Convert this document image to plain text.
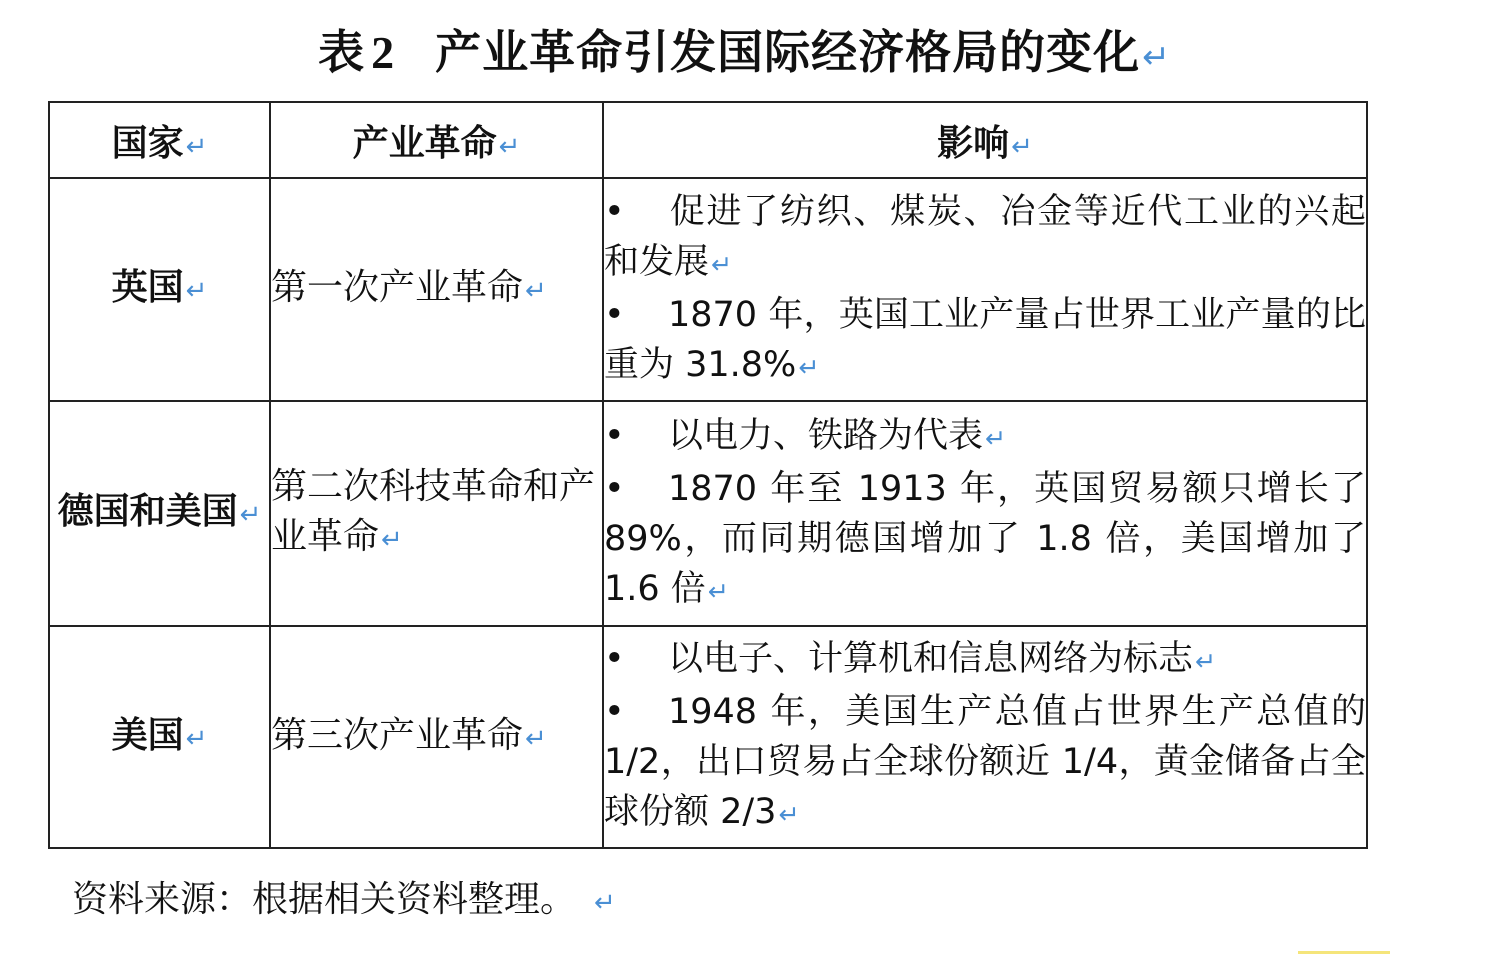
表 2 产业革命引发国际经济格局的变化↵
国家↵	产业革命↵	影响↵
英国↵	第一次产业革命↵	• 促进了纺织、煤炭、冶金等近代工业的兴起和发展↵
• 1870 年，英国工业产量占世界工业产量的比重为 31.8%↵

德国和美国↵	第二次科技革命和产业革命↵	• 以电力、铁路为代表↵
• 1870 年至 1913 年，英国贸易额只增长了 89%，而同期德国增加了 1.8 倍，美国增加了 1.6 倍↵

美国↵	第三次产业革命↵	• 以电子、计算机和信息网络为标志↵
• 1948 年，美国生产总值占世界生产总值的 1/2，出口贸易占全球份额近 1/4，黄金储备占全球份额 2/3↵
资料来源：根据相关资料整理。 ↵
